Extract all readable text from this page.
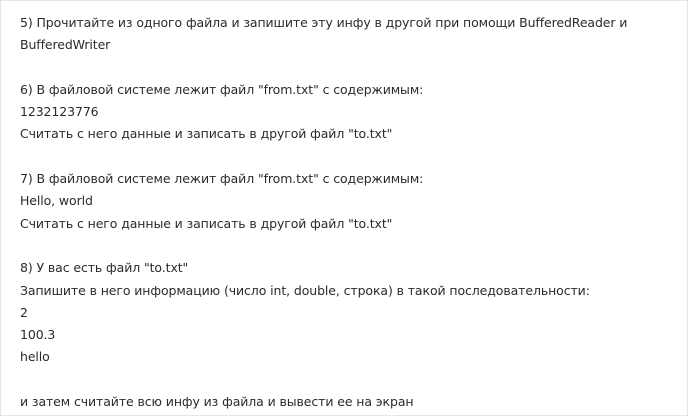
5) Прочитайте из одного файла и запишите эту инфу в другой при помощи BufferedReader и
BufferedWriter
6) В файловой системе лежит файл "from.txt" с содержимым:
1232123776
Считать с него данные и записать в другой файл "to.txt"
7) В файловой системе лежит файл "from.txt" с содержимым:
Hello, world
Считать с него данные и записать в другой файл "to.txt"
8) У вас есть файл "to.txt"
Запишите в него информацию (число int, double, строка) в такой последовательности:
2
100.3
hello
и затем считайте всю инфу из файла и вывести ее на экран
